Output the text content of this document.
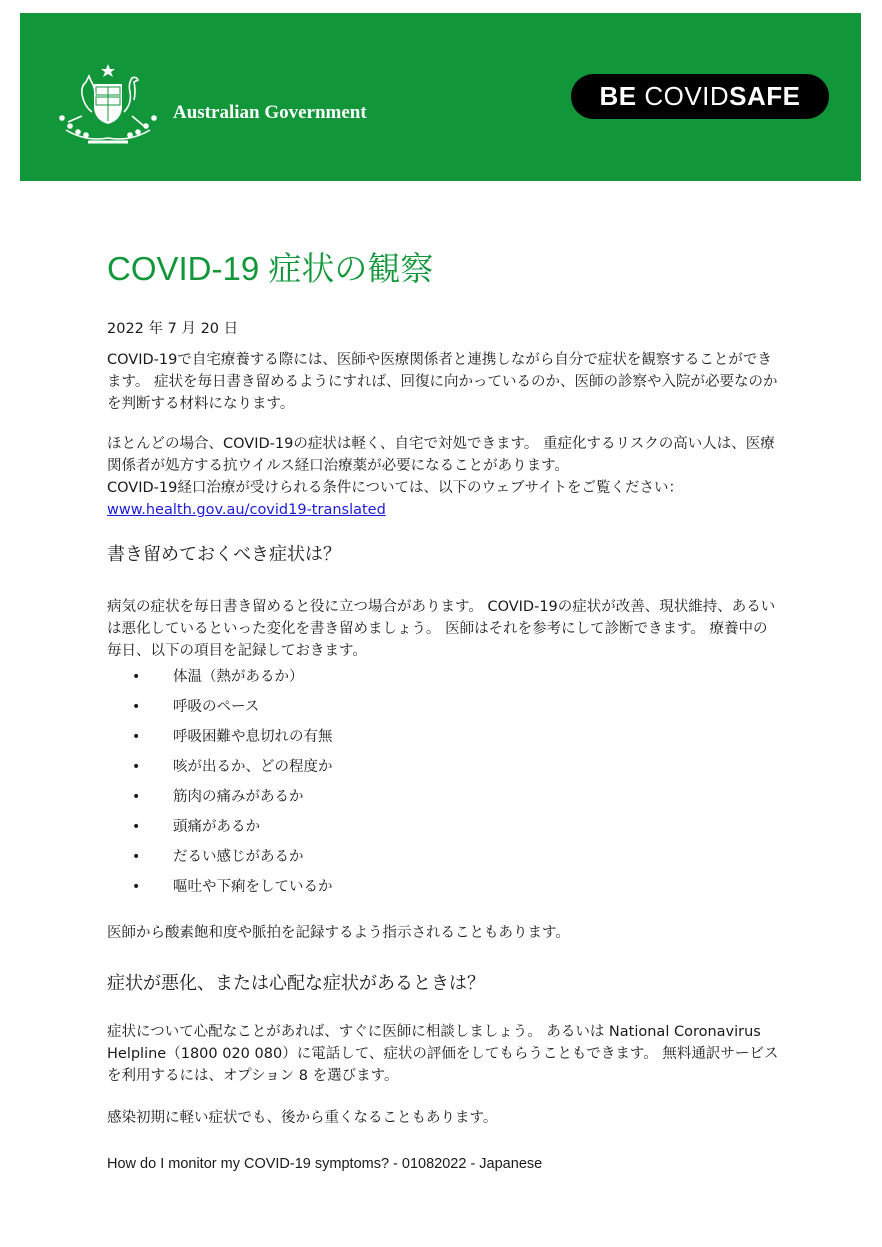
Australian Government
BE COVIDSAFE
COVID-19 症状の観察

2022 年 7 月 20 日

COVID-19で自宅療養する際には、医師や医療関係者と連携しながら自分で症状を観察することができます。 症状を毎日書き留めるようにすれば、回復に向かっているのか、医師の診察や入院が必要なのかを判断する材料になります。

ほとんどの場合、COVID-19の症状は軽く、自宅で対処できます。 重症化するリスクの高い人は、医療関係者が処方する抗ウイルス経口治療薬が必要になることがあります。

COVID-19経口治療が受けられる条件については、以下のウェブサイトをご覧ください：
www.health.gov.au/covid19-translated

書き留めておくべき症状は？

病気の症状を毎日書き留めると役に立つ場合があります。 COVID-19の症状が改善、現状維持、あるいは悪化しているといった変化を書き留めましょう。 医師はそれを参考にして診断できます。 療養中の毎日、以下の項目を記録しておきます。

• 体温（熱があるか）
• 呼吸のペース
• 呼吸困難や息切れの有無
• 咳が出るか、どの程度か
• 筋肉の痛みがあるか
• 頭痛があるか
• だるい感じがあるか
• 嘔吐や下痢をしているか

医師から酸素飽和度や脈拍を記録するよう指示されることもあります。

症状が悪化、または心配な症状があるときは？

症状について心配なことがあれば、すぐに医師に相談しましょう。 あるいは National Coronavirus Helpline（1800 020 080）に電話して、症状の評価をしてもらうこともできます。 無料通訳サービスを利用するには、オプション 8 を選びます。

感染初期に軽い症状でも、後から重くなることもあります。

How do I monitor my COVID-19 symptoms? - 01082022 - Japanese
